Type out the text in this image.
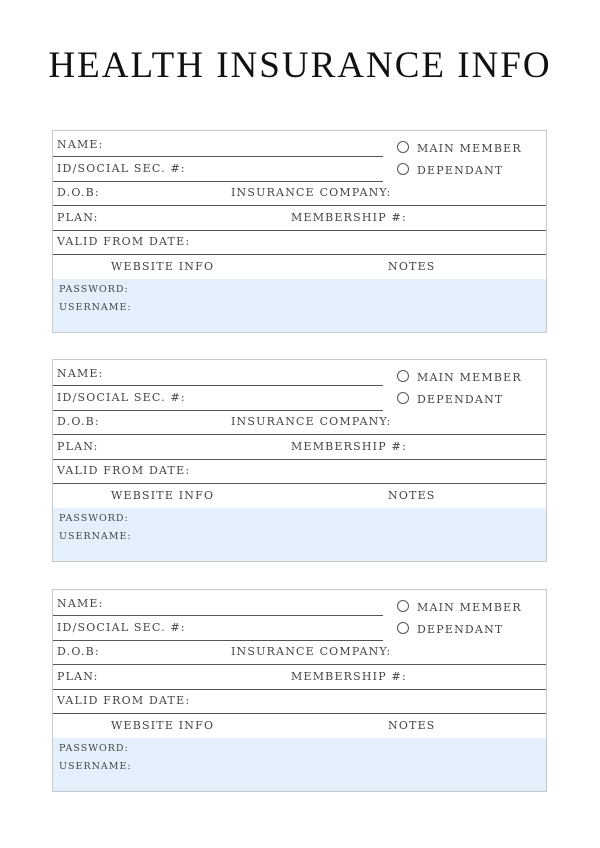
HEALTH INSURANCE INFO
NAME:
ID/SOCIAL SEC. #:
MAIN MEMBER
DEPENDANT
D.O.B:	INSURANCE COMPANY:
PLAN:	MEMBERSHIP #:
VALID FROM DATE:
WEBSITE INFO	NOTES
PASSWORD:
USERNAME:
NAME:
ID/SOCIAL SEC. #:
MAIN MEMBER
DEPENDANT
D.O.B:	INSURANCE COMPANY:
PLAN:	MEMBERSHIP #:
VALID FROM DATE:
WEBSITE INFO	NOTES
PASSWORD:
USERNAME:
NAME:
ID/SOCIAL SEC. #:
MAIN MEMBER
DEPENDANT
D.O.B:	INSURANCE COMPANY:
PLAN:	MEMBERSHIP #:
VALID FROM DATE:
WEBSITE INFO	NOTES
PASSWORD:
USERNAME:
